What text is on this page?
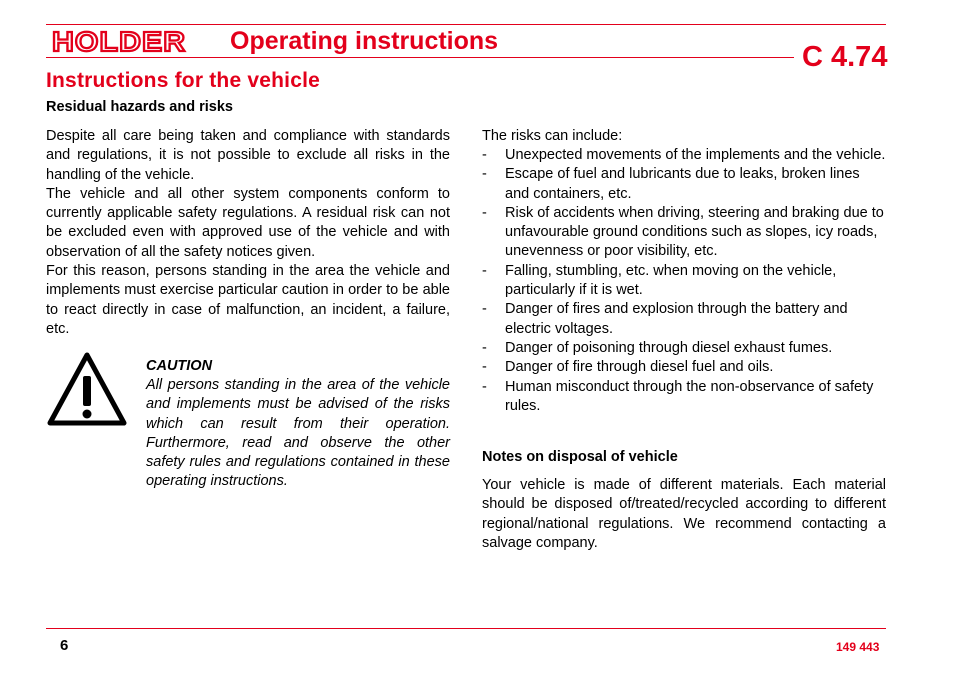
HOLDER Operating instructions	C 4.74
Instructions for the vehicle
Residual hazards and risks

Despite all care being taken and compliance with standards and regulations, it is not possible to exclude all risks in the handling of the vehicle.

The vehicle and all other system components conform to currently applicable safety regulations. A residual risk can not be excluded even with approved use of the vehicle and with observation of all the safety notices given.

For this reason, persons standing in the area the vehicle and implements must exercise particular caution in order to be able to react directly in case of malfunction, an incident, a failure, etc.

CAUTION
All persons standing in the area of the vehicle and implements must be advised of the risks which can result from their operation. Furthermore, read and observe the other safety rules and regulations contained in these operating instructions.
The risks can include:
- Unexpected movements of the implements and the vehicle.
- Escape of fuel and lubricants due to leaks, broken lines and containers, etc.
- Risk of accidents when driving, steering and braking due to unfavourable ground conditions such as slopes, icy roads, unevenness or poor visibility, etc.
- Falling, stumbling, etc. when moving on the vehicle, particularly if it is wet.
- Danger of fires and explosion through the battery and electric voltages.
- Danger of poisoning through diesel exhaust fumes.
- Danger of fire through diesel fuel and oils.
- Human misconduct through the non-observance of safety rules.
Notes on disposal of vehicle
Your vehicle is made of different materials. Each material should be disposed of/treated/recycled according to different regional/national regulations. We recommend contacting a salvage company.
6	149 443
